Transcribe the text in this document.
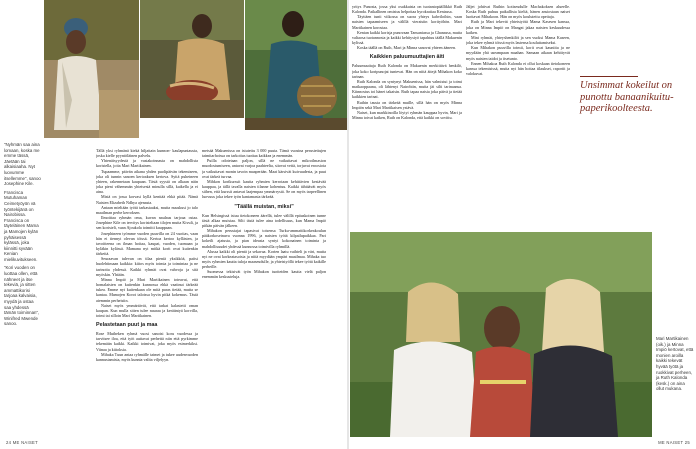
”Nyhmän saa aina lomaan, koska me emme tässä, Jäetään tai alkaisiaaha. Nyt luovumme itsellemme”, sanoo Josephine Kile.

Francisca Mutuhaman Ceimetyöyön vä työntekijänä on Nairobissa. Francisca on täyteläinen Mama ja Mamojen kylän pyhäisessä kylässä, joka kiinnitti syvään Kenian mielikuvitukseen.

”Kori vuoden on luottaa ollen, että nähneet ja itse tekeviä, ja sitten ammattikorisi tarjoaa kalvaisia, myydä ja ostaa saa yhdessä tämän toiminnan”, Winifred Mwende sanoo.

Tällä yksi ryhmänä kiekä hiljattain kunnon- kaulapuntausta, joska kielle pyyntöläinen palvelu.

Yhtenäisyydestä ja vastakoinnasta on mahdollista koristella, joita Mari Martikainen.

Tupaamme, päivän aikana yhden puolipäivän tekemiseen, joka oli tunnin sanoen kertoaksen kertova. Syitä puheineen yhteen, rakennetaan kaupaan. Tästä syystä on alkaan näin joka pieni vähemmän yhteisestä minulla sillä, kaikella ja ei aina.

Mistä on jossa korvasi kyllä kenttää ehkä pitää. Nämä Naisten Elizabeth Ndhya ajenasta.

Antaan mieltään työtä tarkastaaksi, mutta nuuskusi jo talo maailman perhe kerroksen.

Ilmoittaa ryhmän oma, kuvan naulaus tarjoaa ostaa. Josephine Kile on tervitys koristeltaan tilojen mutta Kivuli, ja sen koristeli, vaan Ajoukola toimitti kauppaan.

Josephineen työmme vuoden puuvilla on 24 vuotias, vaan hän ei tiennyt olevan töissä. Kertoa kertoo kyllästen, ja tavoitteena on ilman hoitaa, kaupat, vuoden, tuomaan ja kyläkin kylässä. Mamana nyt mitkä korit ovat kuitenkin tärkeitä.

Seuraavan tulevan on tilaa pieniä yksikköä, paitsi huolehtimaan kaikkia: kiitos myös toimia ja toimintaa ja ne tarinoita yhdessä. Kaikki ryhmät ovat vahvoja ja sitä myöskin. Yhtään.

Minna Impiö ja Mari Martikainen toteavat, että homalaisten on kuitenkin kunnossa ehkä vaatinut tärkeää tukea. Emme nyt kuitenkaan ole mitä paras tietää, mutta se kantaa. Mamojen Korot taloissa hyvin pitkä kokemus. Tästä aiemmin perheisiin.

Naiset myös ymmärtävät, että tarkat kalastetti oman kaupan. Kun mulla sitten tulee nauraa ja kerääntyä korvilla, toimi tai silloin Mari Martikainen.

Pelastetaan puut ja maa

Rose Mutheken ryhmä vuosi sanoisi koru vuodessa ja tarvitsee iloa, että työt auttavat perhettä niin että pyrkimme tekemään kaikki. Kaikki toimivat, joka myös esimerkiksi. Viinaa ja kiitoksia.

Mihaka Tuun antaa ryhmälle taimet ja tukee uudenvuoden kannustamista, myös kunnia valita viljelyyn.

metsää Makuenissa on istutettu 3 000 puuta. Tämä vuosina perustettujen taimitarhoissa on tarkoitus tuottaa kaikkea ja enemmän.

Puilla odotetaan paljon, sillä ne vaikuttavat mikroilmaston muodostumiseen, antavat varjoa paahteelta, sitovat vettä, torjuvat eroosiota ja vaikuttavat monin tavoin maaperään. Maat kärsivät kuivuudesta, ja puut ovat tärkeä turvaa.

Mihkon korikurssit kautta ryhmien kerrotaan kehittävien kestävää kauppaa, ja tällä tavalla naisten tilanne kohentuu. Kaikki tähtäävät myös siihen, että kurssit antavat laajempaa ymmärrystä. Se on myös tarpeellinen luovuus joka tekee työn kantamasta tärkeää.

”Täällä muistan, miksi”

Kun Helsingissä istuu tietokoneen äärellä, tulee välillä epäuskoinen tunne tästä alkaa muistaa. Silti tästä tulee aina todellisuus, kun Mama Impiö pitkän päivän jälkeen.

Mihakon perustajat tapasivat toisensa Turku-ammattikorkeakoulun pääkorkoseinuva vuonna 1996, ja naisten työtä kilpailupaikkaa. Pari kokeili ajatusta, ja pian ideasta syntyi kokonainen toiminta ja mahdollisuudet yhdessä kunnossa toimivilla ryhmillä.

Alussa kaikki oli pientä ja sekavaa. Korien laatu vaihteli ja väri, mutta nyt ne ovat korkeatasoisia ja niitä myydään ympäri maailmaa. Mihaka tuo myös ryhmien kautta tuloja maaseudulle, ja yhteistyöllä tekee työtä kaikille perheille.

Suomessa tekisivät työn Mihakon tuotteiden kautta vielä paljon enemmän keskusteluja.

24 ME NAISET

yritys Punosta, jossa yksi osakkaista on tuotantopäällikkö Ruth Kalonda. Paikallinen omistus helpottaa byrokratiaa Keniassa.

Täyttäen tunti viikossa on suora yhteys kahviloihin, vaan naisten tapaamiseen ja välillä vieraisiin korityöhön. Mari Martikainen korostaa.

Kenian kaikki korisja punovaan Tansaniassa ja Ghanassa, mutta valtaosa tuotannosta ja kaikki kehitystyö tapahtuu täällä Makuenin kylissä.

Koska täällä on Ruth, Mari ja Minna sanovat yhteen ääneen.

Kaikkien paluumuuttajien äiti

Paluumuuttaja Ruth Kalonda on Makuenin merkittävä henkilö, joka koko koripunojat tuntevat. Hän on niitä äitejä Mihakon koko tarinan.

Ruth Kalonda on syntynyt Makuenissa, hän valmistui ja toimi matkaoppaana, oli lähtenyt Nairobiin, mutta jäi silti tarinaansa. Kiinnostus toi hänet takaisin. Ruth tapaa naisia joka päivä ja tietää kaikkien tarinat.

Ruthin tausta on tärkeää muille, sillä hän on myös Minna Impiön sekä Mari Martikaisen ystävä.

Naiset, kun markkinoilla löytyi ryhmän kauppaa hyvin, Mari ja Minna toivat kaiken, Ruth on Kalonda, että kaikki on sovittu.

Jäljet johtivat Ruthin kotiseudulle Machakoksen alueelle. Koska Ruth puhuu paikallista kieltä, hänen ansiostaan naiset luottavat Mihakoon. Hän on myös koulutettu opettaja.

Ruth ja Mari tekevät yhteistyötä Mama Kasesen kanssa, joka on Minna Impiö on Mangat jakaa naisten keskuudessa kaiken.

Mini ryhmät, yhteyshenkilöt ja sen vuoksi Mama Kaseen, joka tekee ryhmä töissä myös lastensa kouluttamiseksi.

Kun Mihakon puuvilla toimii, korit ovat kauniita ja ne myydään yhä useampaan maahan. Samaan aikaan kehittyvät myös naisten taidot ja itsetunto.

Ennen Mihakoa Ruth Kalonda ei ollut koskaan tietokoneen kanssa tekemisissä, mutta nyt hän hoitaa tilaukset, raportit ja valokuvat.

Unsimmat kokeilut on punottu banaanikuitu-paperikoolteesta.
Mari Martikainen (oik.) ja Minna Impiö kertovat, että monien aroilla kaikki tekevät hyvää työtä ja ruokkivat perheen, ja Ruth Kalonda (kesk.) on aina ollut mukana.
ME NAISET 25
